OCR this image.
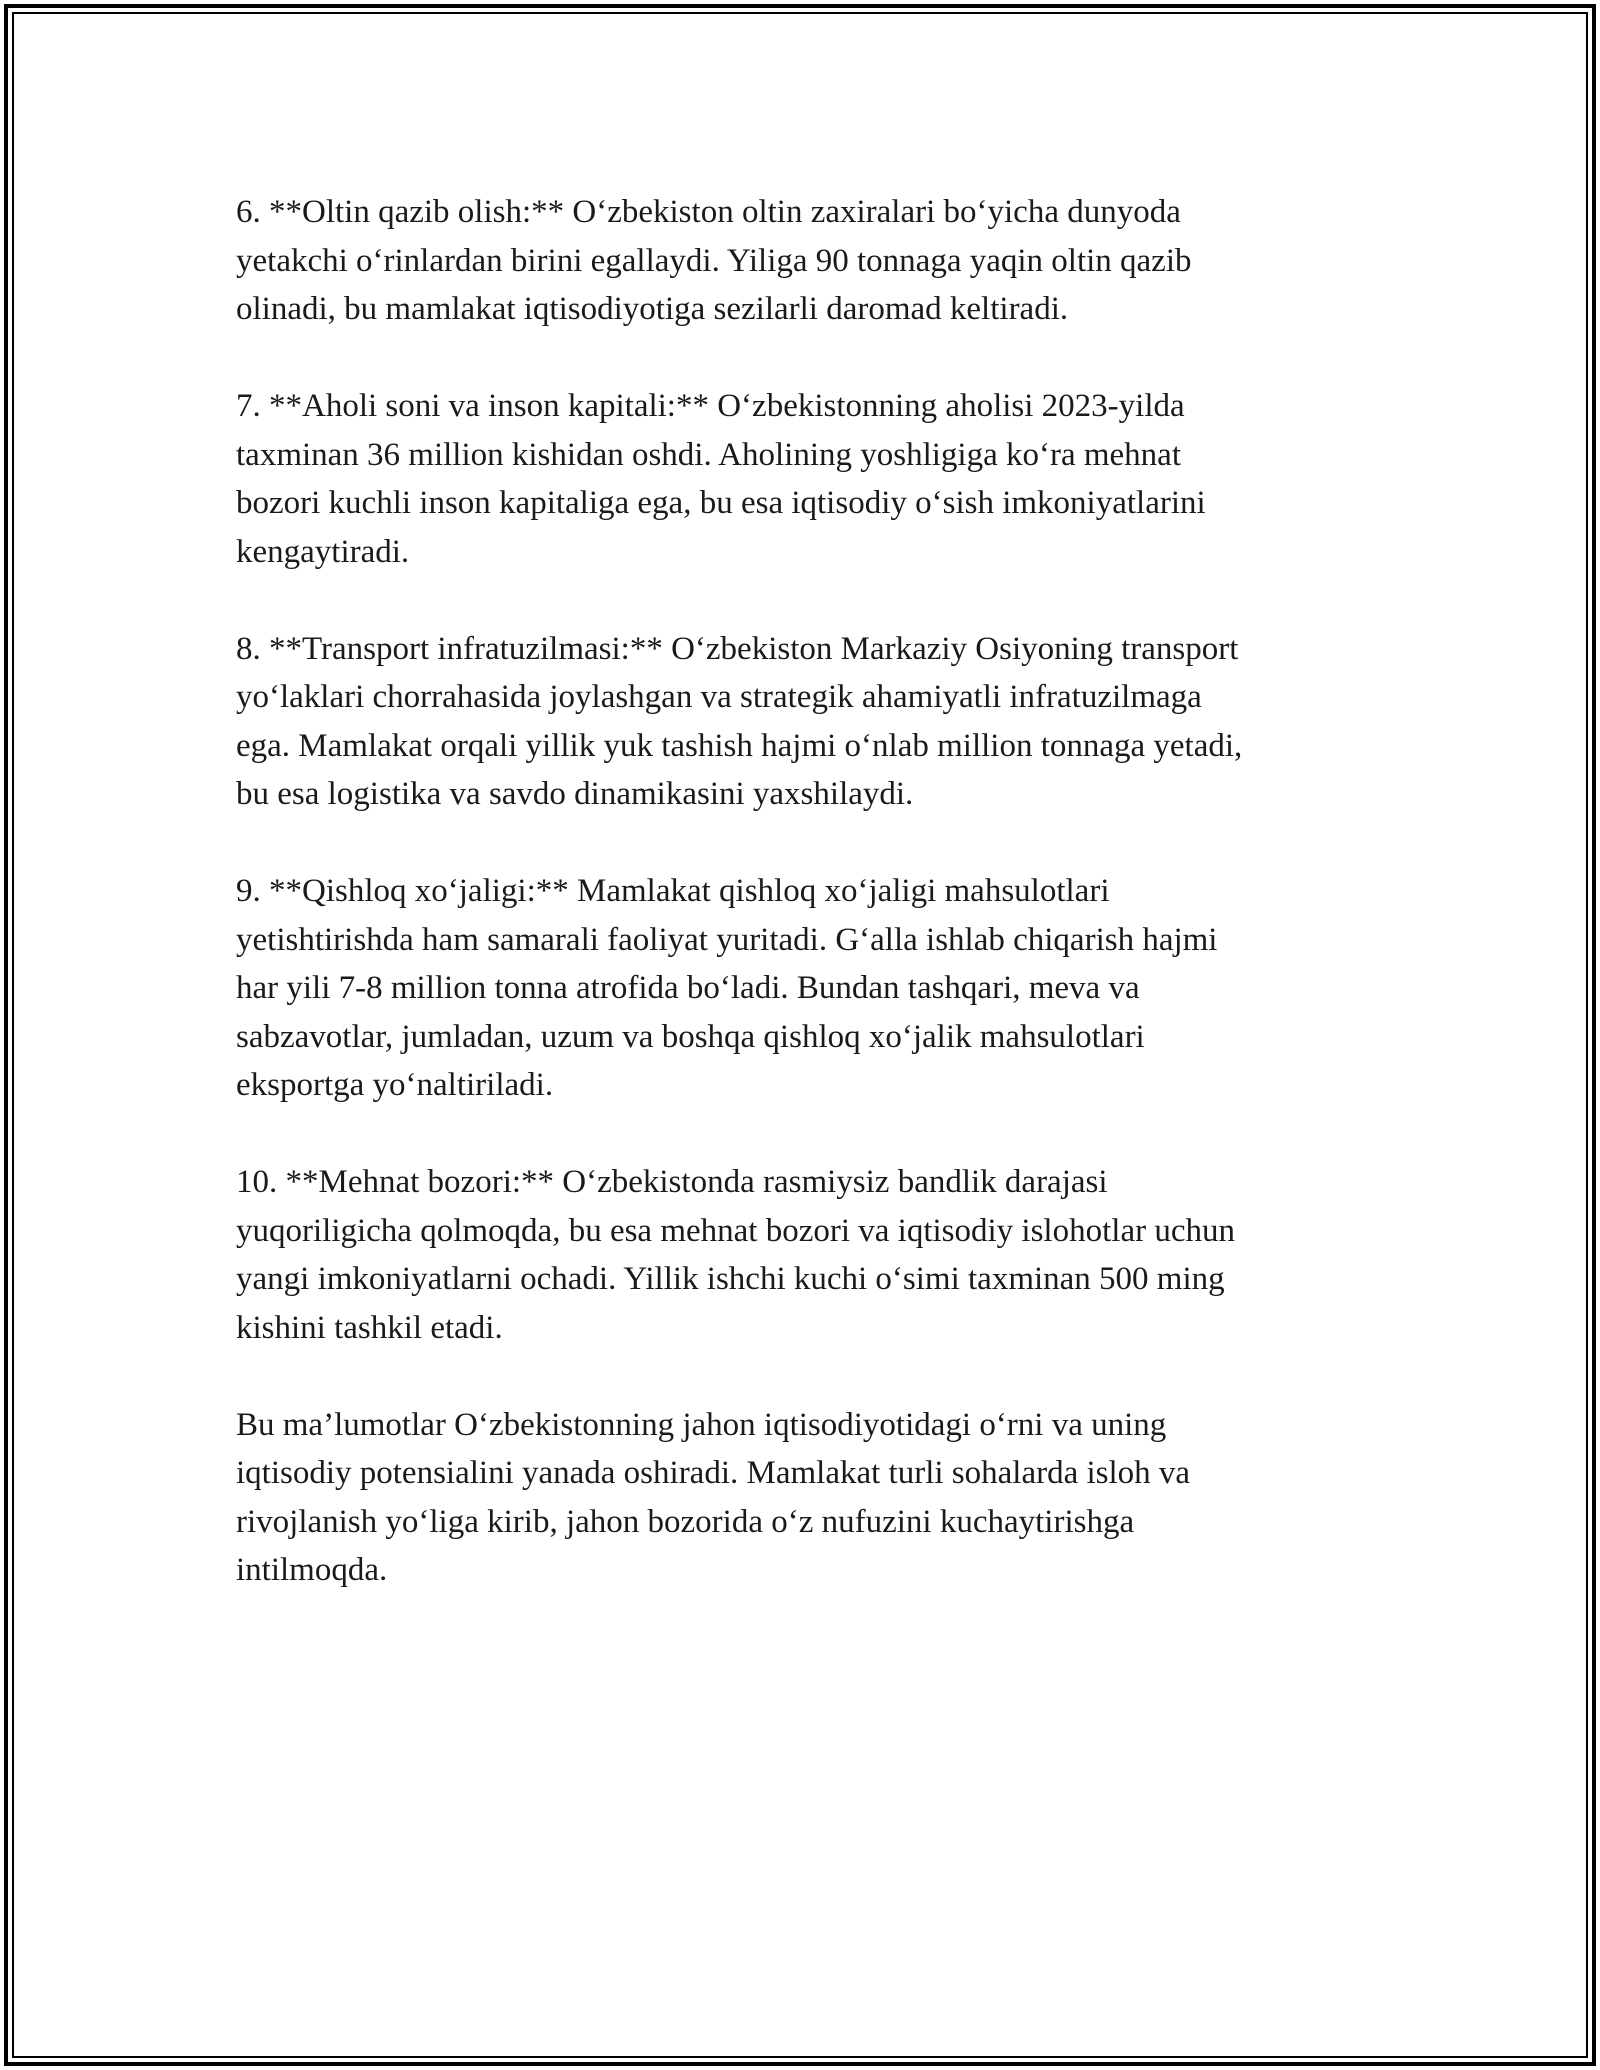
6. **Oltin qazib olish:** O‘zbekiston oltin zaxiralari bo‘yicha dunyoda
yetakchi o‘rinlardan birini egallaydi. Yiliga 90 tonnaga yaqin oltin qazib
olinadi, bu mamlakat iqtisodiyotiga sezilarli daromad keltiradi.

7. **Aholi soni va inson kapitali:** O‘zbekistonning aholisi 2023-yilda
taxminan 36 million kishidan oshdi. Aholining yoshligiga ko‘ra mehnat
bozori kuchli inson kapitaliga ega, bu esa iqtisodiy o‘sish imkoniyatlarini
kengaytiradi.

8. **Transport infratuzilmasi:** O‘zbekiston Markaziy Osiyoning transport
yo‘laklari chorrahasida joylashgan va strategik ahamiyatli infratuzilmaga
ega. Mamlakat orqali yillik yuk tashish hajmi o‘nlab million tonnaga yetadi,
bu esa logistika va savdo dinamikasini yaxshilaydi.

9. **Qishloq xo‘jaligi:** Mamlakat qishloq xo‘jaligi mahsulotlari
yetishtirishda ham samarali faoliyat yuritadi. G‘alla ishlab chiqarish hajmi
har yili 7-8 million tonna atrofida bo‘ladi. Bundan tashqari, meva va
sabzavotlar, jumladan, uzum va boshqa qishloq xo‘jalik mahsulotlari
eksportga yo‘naltiriladi.

10. **Mehnat bozori:** O‘zbekistonda rasmiysiz bandlik darajasi
yuqoriligicha qolmoqda, bu esa mehnat bozori va iqtisodiy islohotlar uchun
yangi imkoniyatlarni ochadi. Yillik ishchi kuchi o‘simi taxminan 500 ming
kishini tashkil etadi.

Bu ma’lumotlar O‘zbekistonning jahon iqtisodiyotidagi o‘rni va uning
iqtisodiy potensialini yanada oshiradi. Mamlakat turli sohalarda isloh va
rivojlanish yo‘liga kirib, jahon bozorida o‘z nufuzini kuchaytirishga
intilmoqda.
